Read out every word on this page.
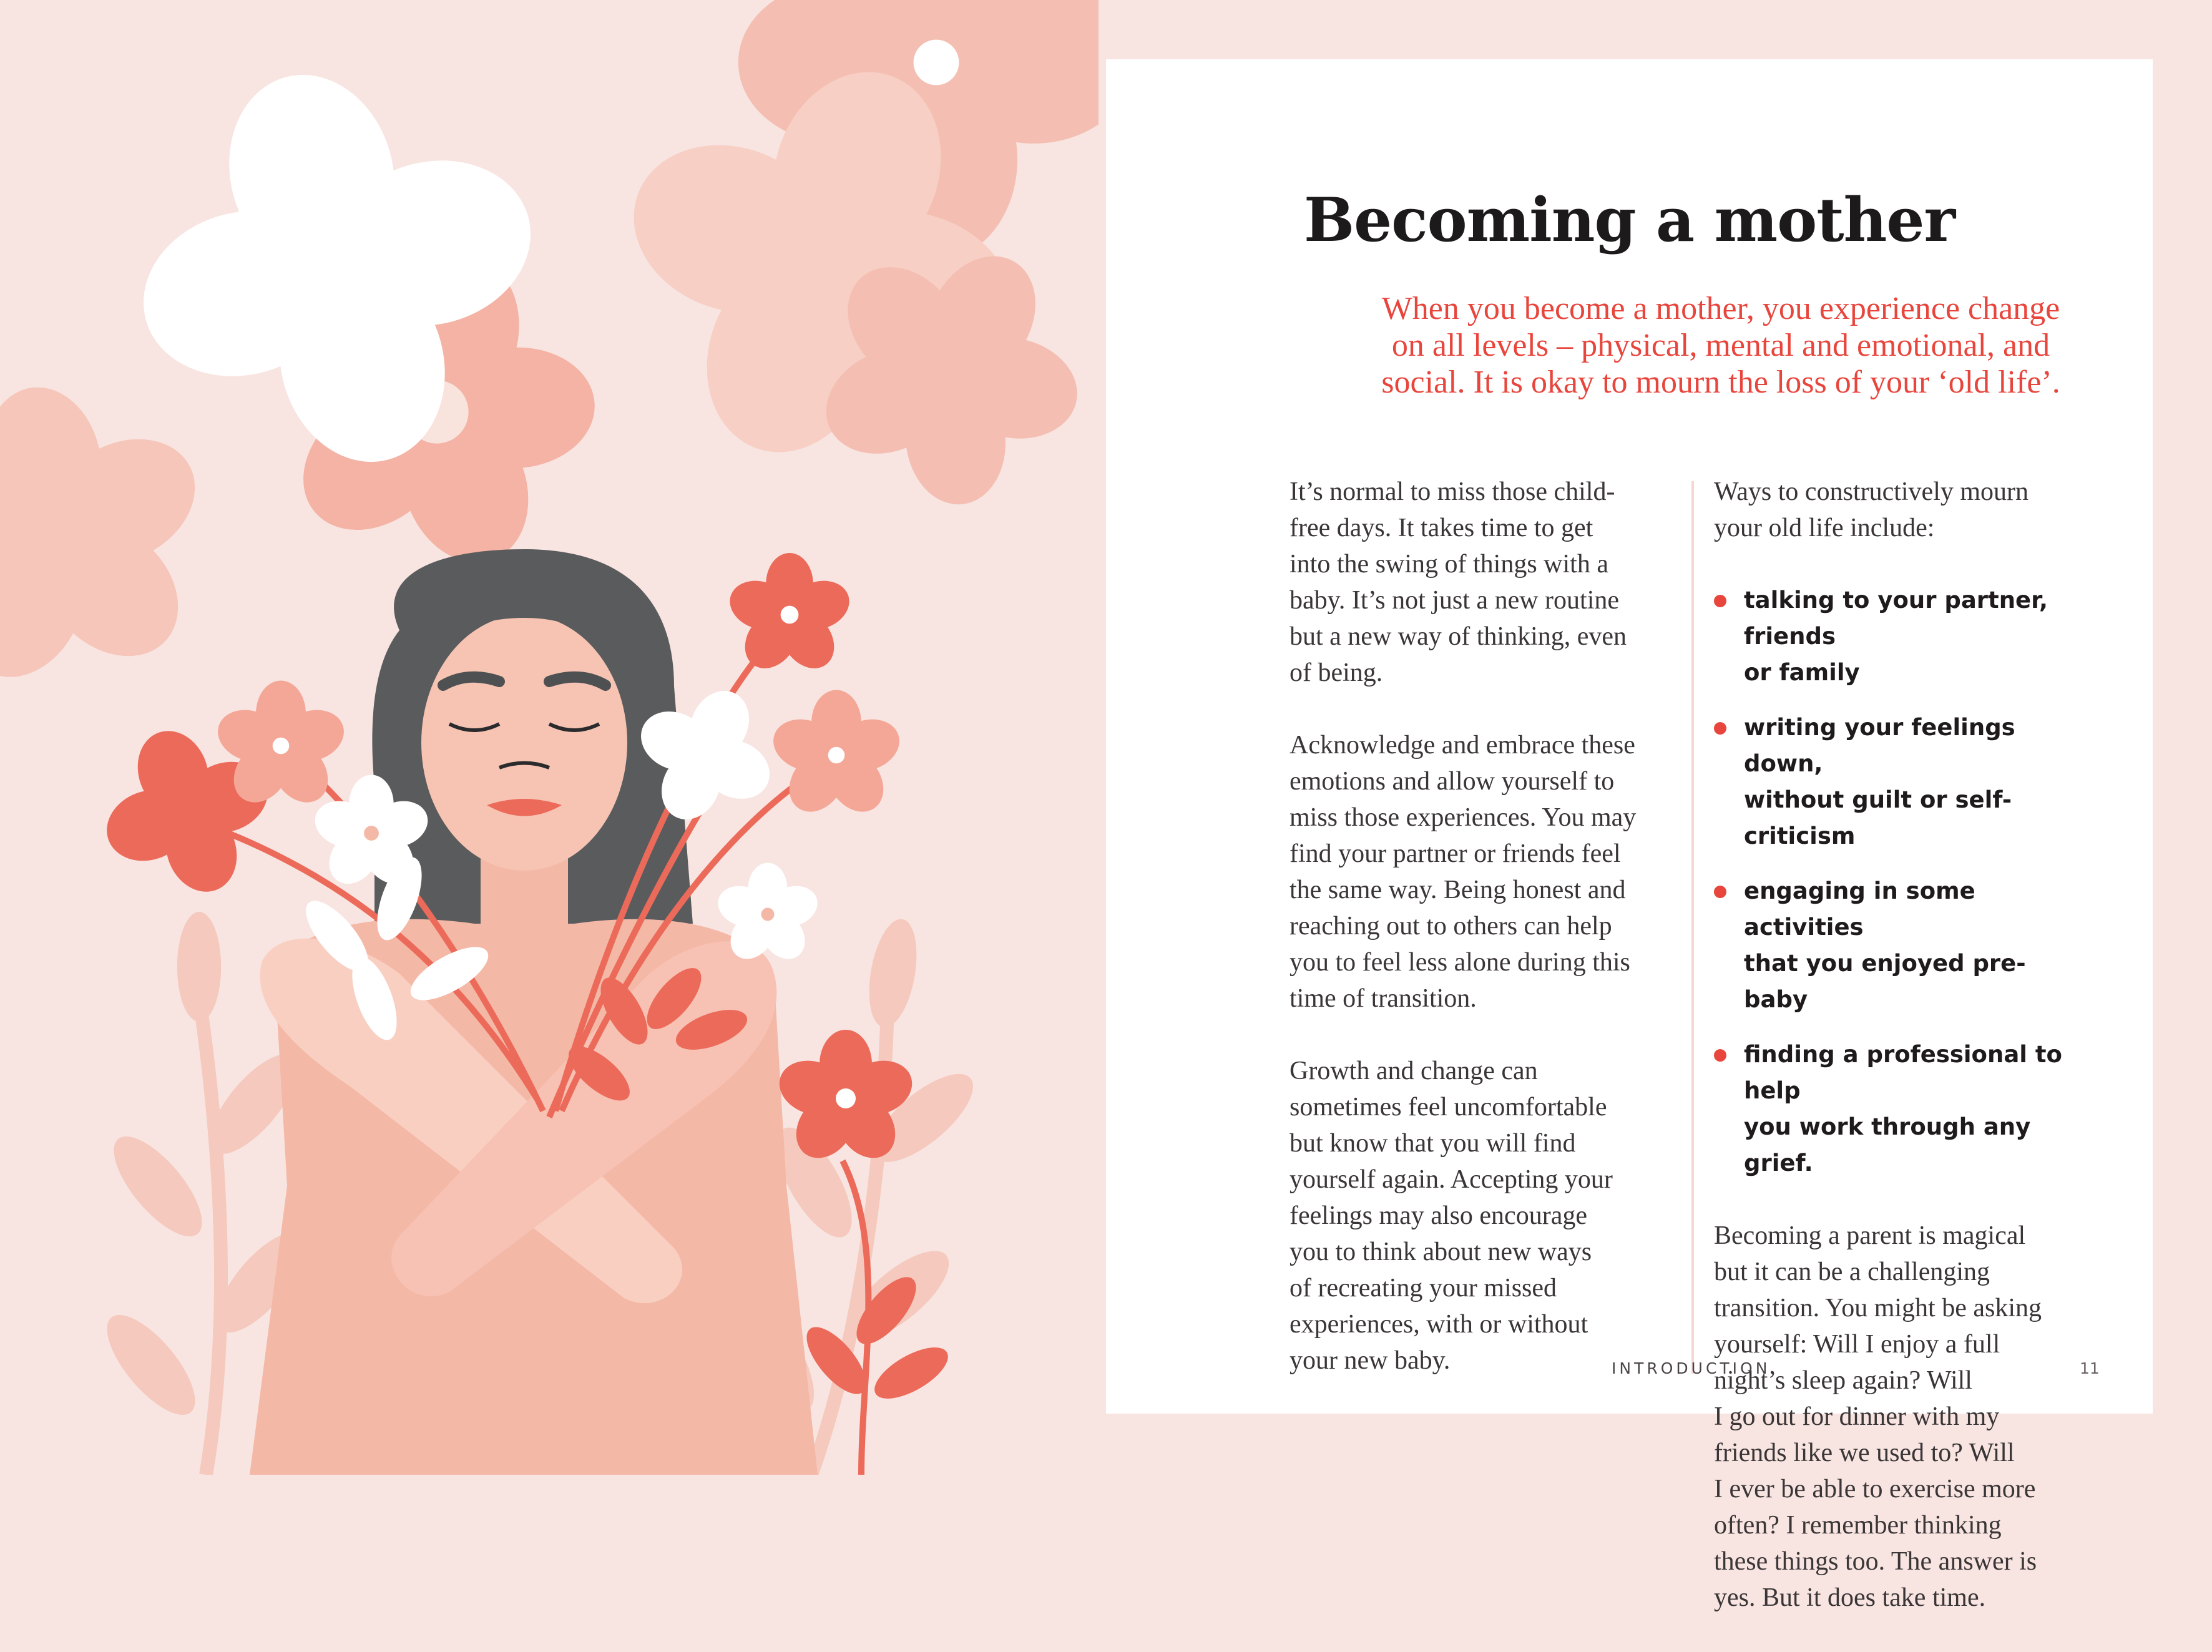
Becoming a mother
When you become a mother, you experience change on all levels – physical, mental and emotional, and social. It is okay to mourn the loss of your ‘old life’.

It’s normal to miss those child-
free days. It takes time to get
into the swing of things with a
baby. It’s not just a new routine
but a new way of thinking, even
of being.

Acknowledge and embrace these
emotions and allow yourself to
miss those experiences. You may
find your partner or friends feel
the same way. Being honest and
reaching out to others can help
you to feel less alone during this
time of transition.

Growth and change can
sometimes feel uncomfortable
but know that you will find
yourself again. Accepting your
feelings may also encourage
you to think about new ways
of recreating your missed
experiences, with or without
your new baby.

Ways to constructively mourn
your old life include:

talking to your partner, friends
or family
writing your feelings down,
without guilt or self-criticism
engaging in some activities
that you enjoyed pre-baby
finding a professional to help
you work through any grief.

Becoming a parent is magical
but it can be a challenging
transition. You might be asking
yourself: Will I enjoy a full
night’s sleep again? Will
I go out for dinner with my
friends like we used to? Will
I ever be able to exercise more
often? I remember thinking
these things too. The answer is
yes. But it does take time.

INTRODUCTION	11
